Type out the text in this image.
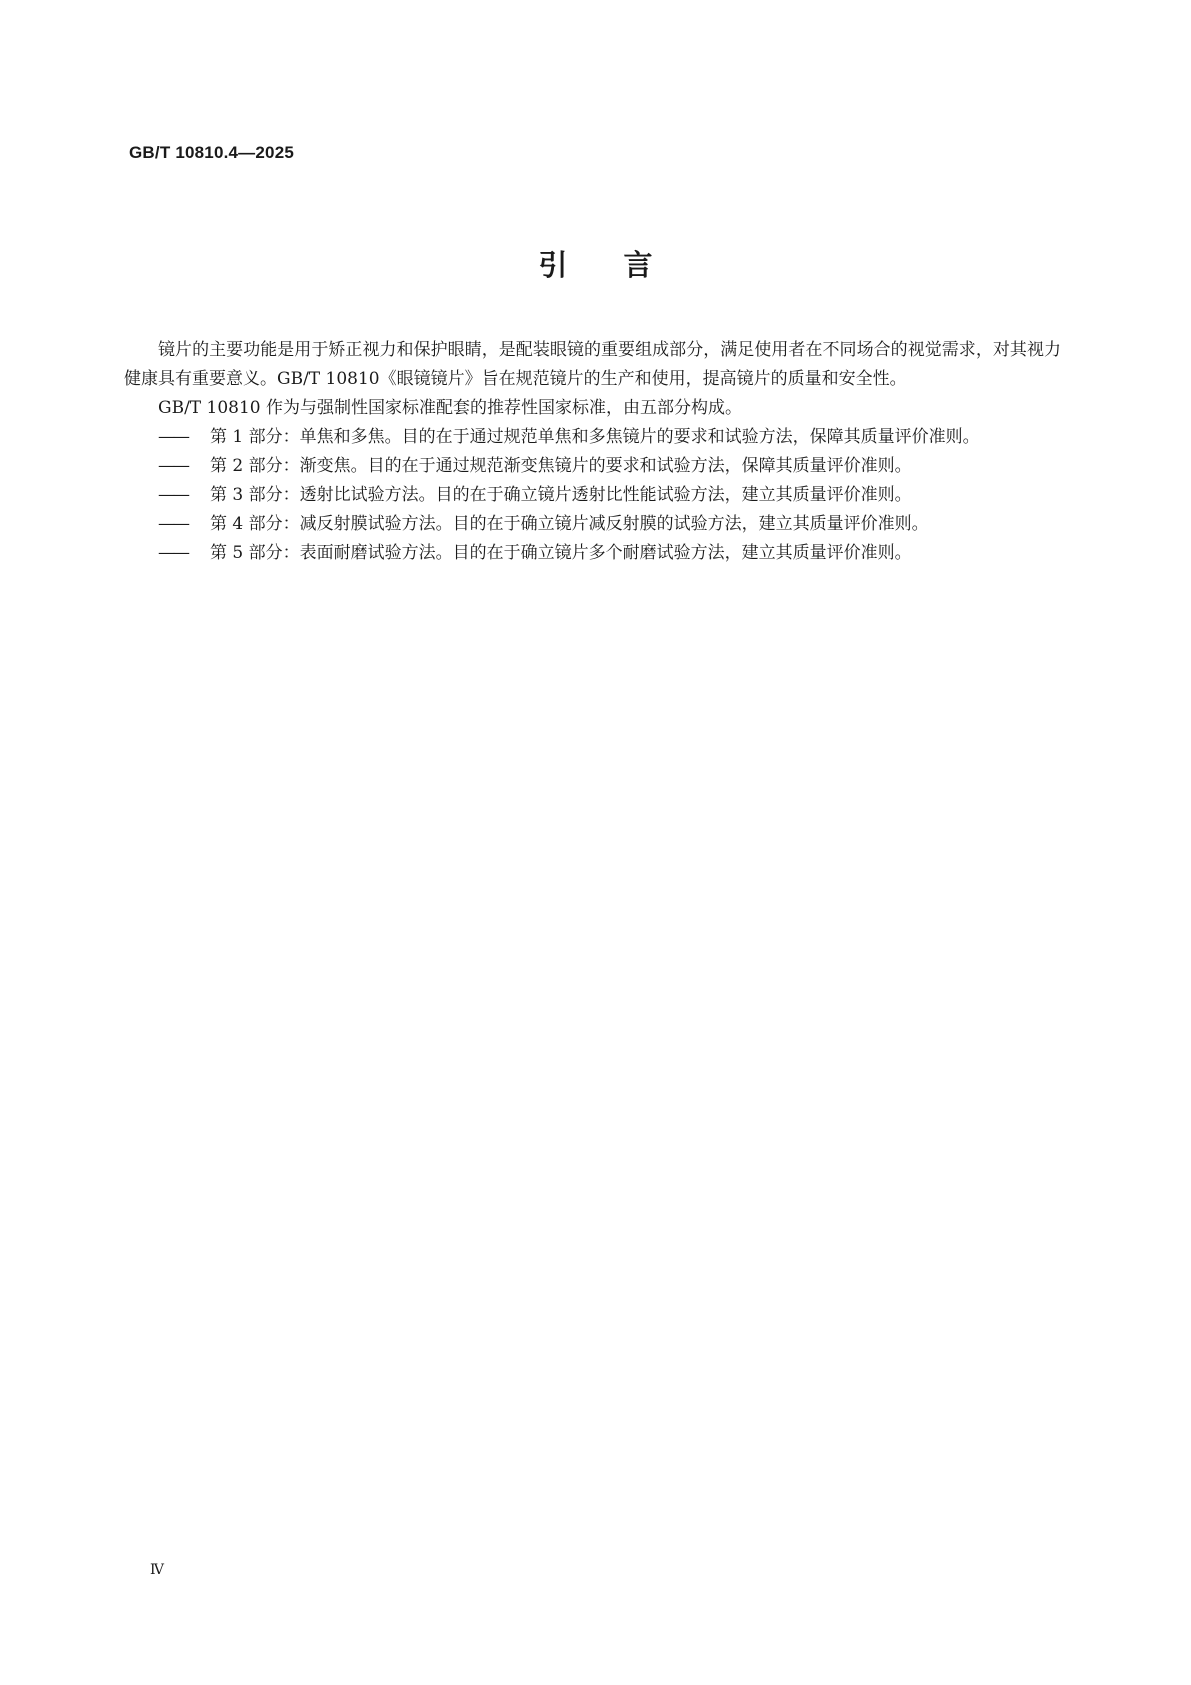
GB/T 10810.4—2025
引言

镜片的主要功能是用于矫正视力和保护眼睛，是配装眼镜的重要组成部分，满足使用者在不同场合的视觉需求，对其视力健康具有重要意义。GB/T 10810《眼镜镜片》旨在规范镜片的生产和使用，提高镜片的质量和安全性。

GB/T 10810 作为与强制性国家标准配套的推荐性国家标准，由五部分构成。

——	第 1 部分：单焦和多焦。目的在于通过规范单焦和多焦镜片的要求和试验方法，保障其质量评价准则。

——	第 2 部分：渐变焦。目的在于通过规范渐变焦镜片的要求和试验方法，保障其质量评价准则。

——	第 3 部分：透射比试验方法。目的在于确立镜片透射比性能试验方法，建立其质量评价准则。

——	第 4 部分：减反射膜试验方法。目的在于确立镜片减反射膜的试验方法，建立其质量评价准则。

——	第 5 部分：表面耐磨试验方法。目的在于确立镜片多个耐磨试验方法，建立其质量评价准则。

Ⅳ
